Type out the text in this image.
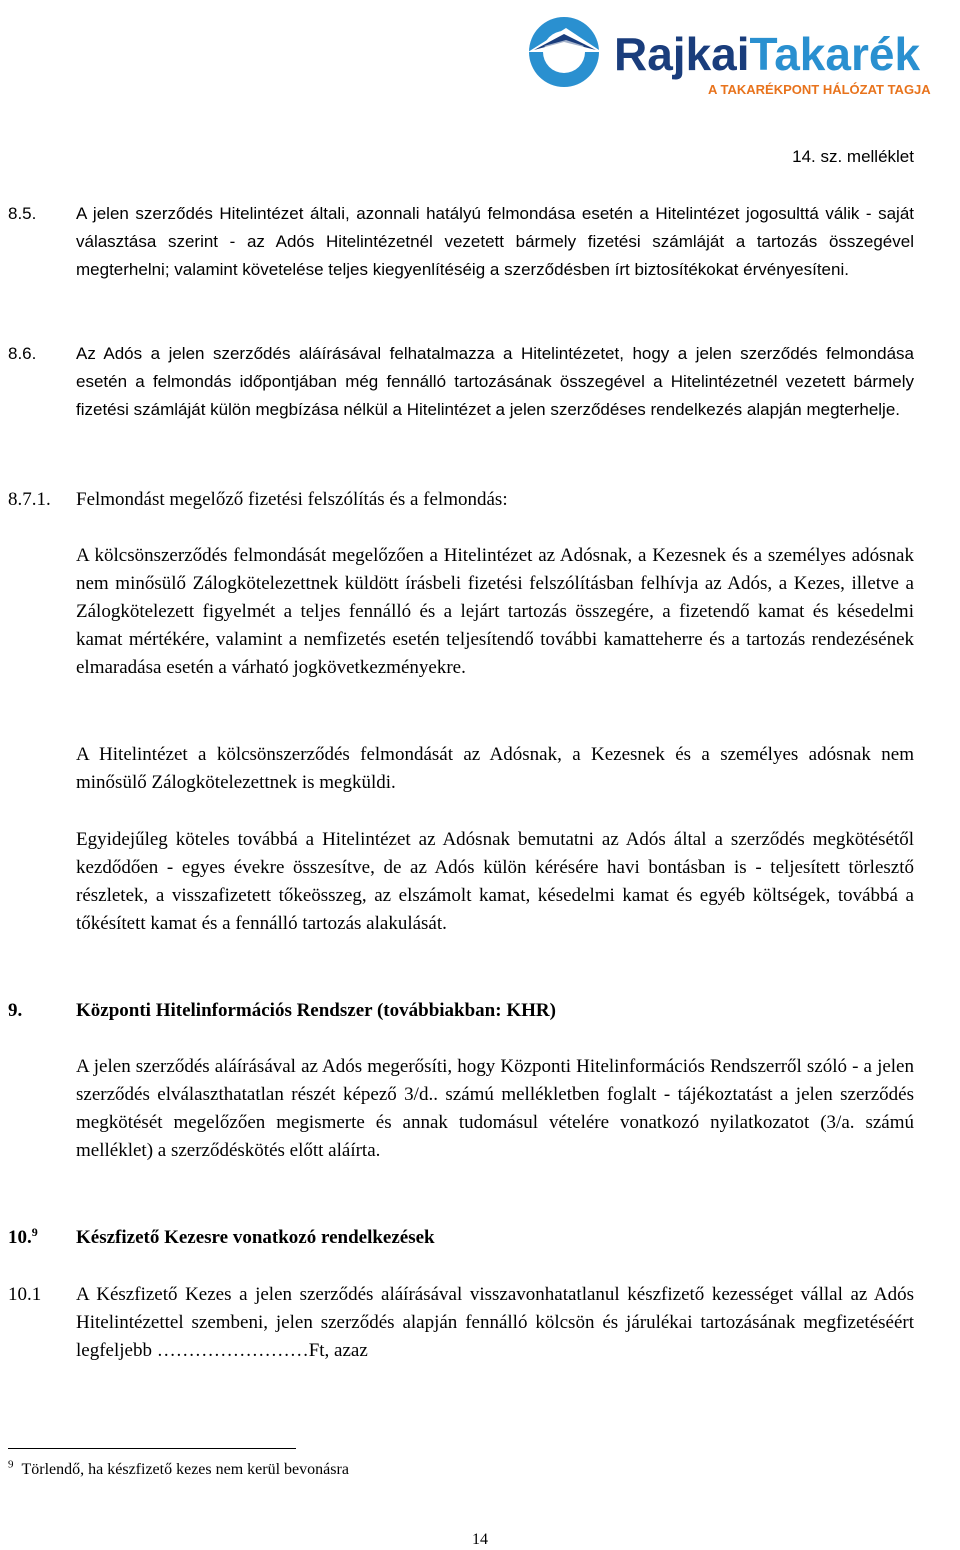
RajkaiTakarék
A TAKARÉKPONT HÁLÓZAT TAGJA
14. sz. melléklet
8.5. A jelen szerződés Hitelintézet általi, azonnali hatályú felmondása esetén a Hitelintézet jogosulttá válik - saját választása szerint - az Adós Hitelintézetnél vezetett bármely fizetési számláját a tartozás összegével megterhelni; valamint követelése teljes kiegyenlítéséig a szerződésben írt biztosítékokat érvényesíteni.
8.6. Az Adós a jelen szerződés aláírásával felhatalmazza a Hitelintézetet, hogy a jelen szerződés felmondása esetén a felmondás időpontjában még fennálló tartozásának összegével a Hitelintézetnél vezetett bármely fizetési számláját külön megbízása nélkül a Hitelintézet a jelen szerződéses rendelkezés alapján megterhelje.
8.7.1. Felmondást megelőző fizetési felszólítás és a felmondás:
A kölcsönszerződés felmondását megelőzően a Hitelintézet az Adósnak, a Kezesnek és a személyes adósnak nem minősülő Zálogkötelezettnek küldött írásbeli fizetési felszólításban felhívja az Adós, a Kezes, illetve a Zálogkötelezett figyelmét a teljes fennálló és a lejárt tartozás összegére, a fizetendő kamat és késedelmi kamat mértékére, valamint a nemfizetés esetén teljesítendő további kamatteherre és a tartozás rendezésének elmaradása esetén a várható jogkövetkezményekre.
A Hitelintézet a kölcsönszerződés felmondását az Adósnak, a Kezesnek és a személyes adósnak nem minősülő Zálogkötelezettnek is megküldi.
Egyidejűleg köteles továbbá a Hitelintézet az Adósnak bemutatni az Adós által a szerződés megkötésétől kezdődően - egyes évekre összesítve, de az Adós külön kérésére havi bontásban is - teljesített törlesztő részletek, a visszafizetett tőkeösszeg, az elszámolt kamat, késedelmi kamat és egyéb költségek, továbbá a tőkésített kamat és a fennálló tartozás alakulását.
9.	Központi Hitelinformációs Rendszer (továbbiakban: KHR)
A jelen szerződés aláírásával az Adós megerősíti, hogy Központi Hitelinformációs Rendszerről szóló - a jelen szerződés elválaszthatatlan részét képező 3/d.. számú mellékletben foglalt - tájékoztatást a jelen szerződés megkötését megelőzően megismerte és annak tudomásul vételére vonatkozó nyilatkozatot (3/a. számú melléklet) a szerződéskötés előtt aláírta.
10.$^9$ Készfizető Kezesre vonatkozó rendelkezések
10.1 A Készfizető Kezes a jelen szerződés aláírásával visszavonhatatlanul készfizető kezességet vállal az Adós Hitelintézettel szembeni, jelen szerződés alapján fennálló kölcsön és járulékai tartozásának megfizetéséért legfeljebb ……………………Ft, azaz
$^9$ Törlendő, ha készfizető kezes nem kerül bevonásra
14
